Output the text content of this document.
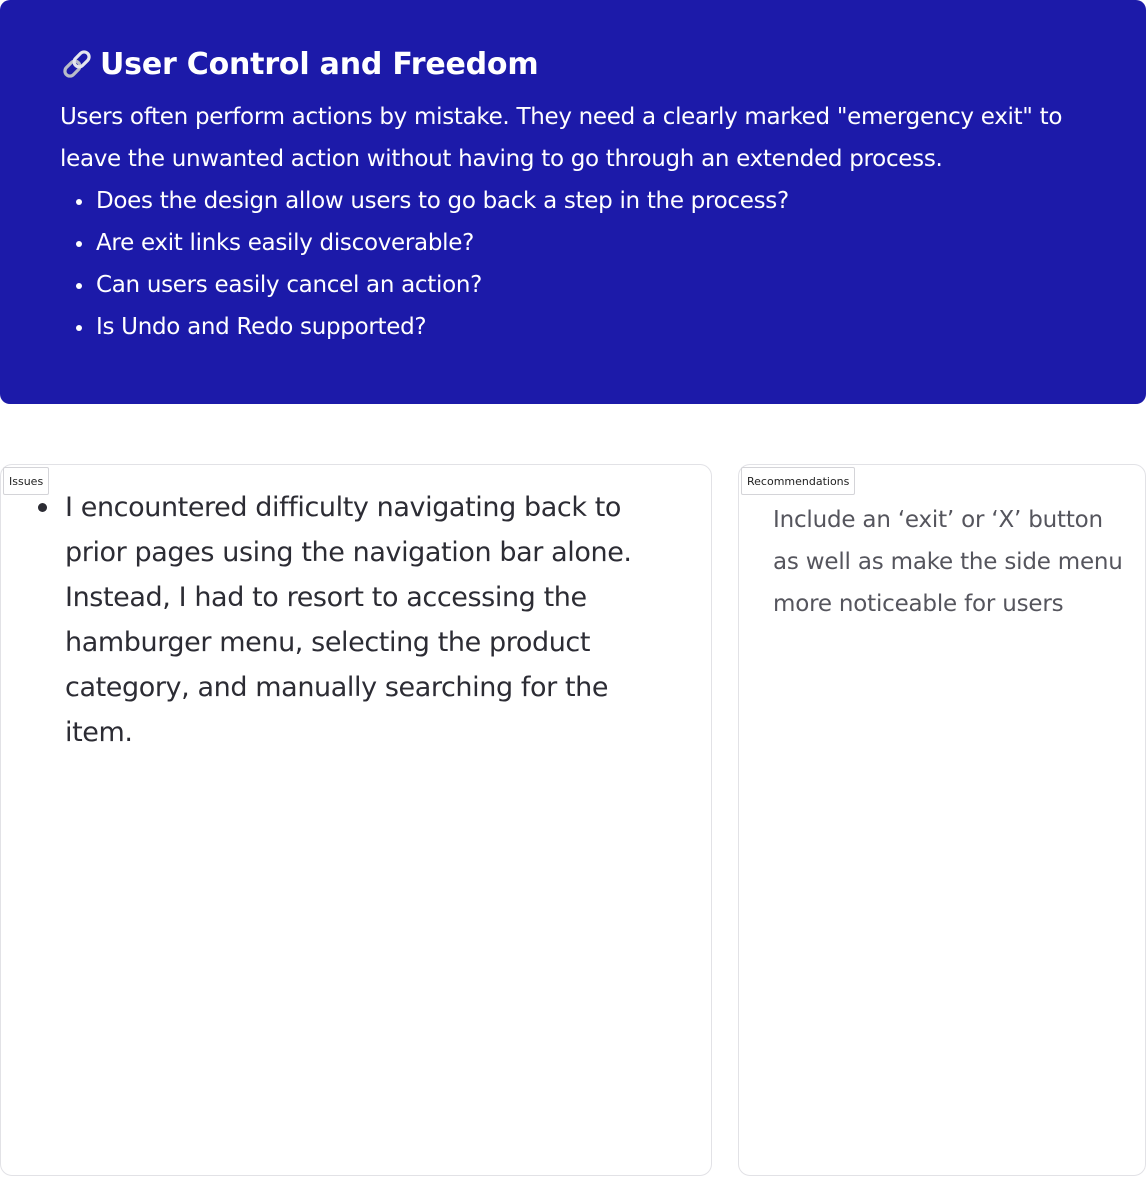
User Control and Freedom

Users often perform actions by mistake. They need a clearly marked "emergency exit" to leave the unwanted action without having to go through an extended process.

Does the design allow users to go back a step in the process?
Are exit links easily discoverable?
Can users easily cancel an action?
Is Undo and Redo supported?
Issues
I encountered difficulty navigating back to prior pages using the navigation bar alone. Instead, I had to resort to accessing the hamburger menu, selecting the product category, and manually searching for the item.
Recommendations

Include an ‘exit’ or ‘X’ button as well as make the side menu more noticeable for users
